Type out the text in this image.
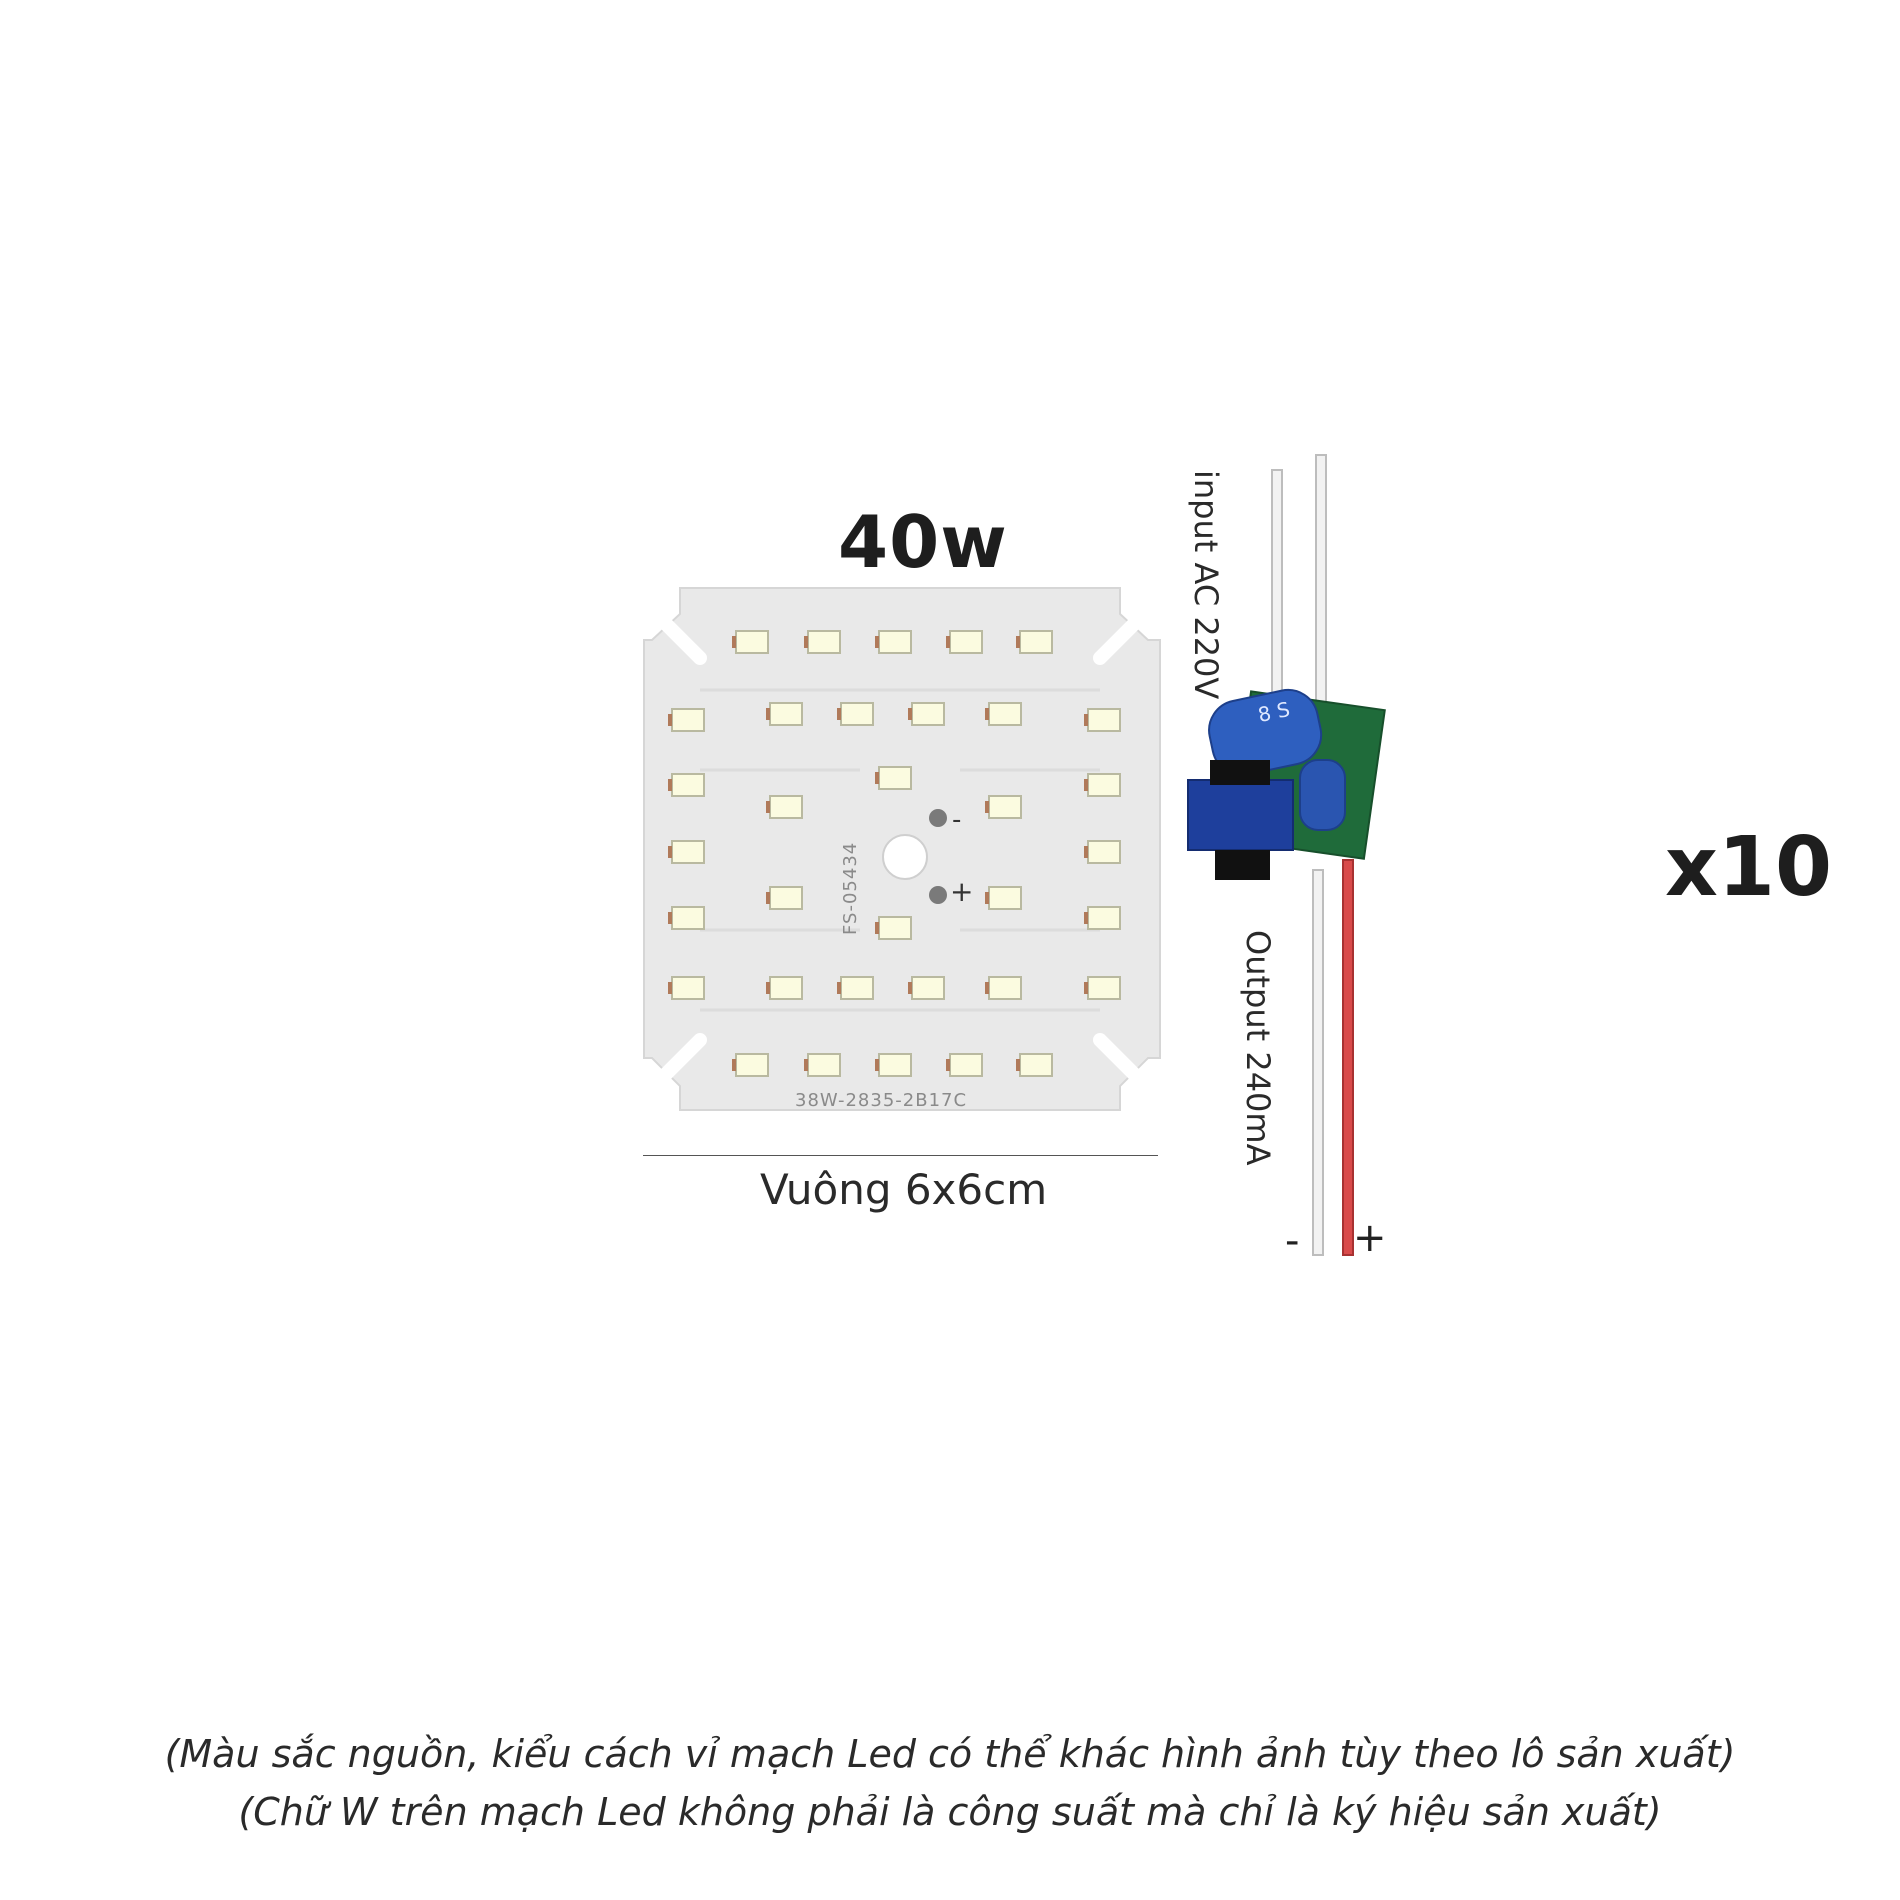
40w
38W-2835-2B17C
FS-05434
-
+
8 S
Vuông 6x6cm
input AC 220V
Output 240mA
- +
x10
(Màu sắc nguồn, kiểu cách vỉ mạch Led có thể khác hình ảnh tùy theo lô sản xuất)
(Chữ W trên mạch Led không phải là công suất mà chỉ là ký hiệu sản xuất)
